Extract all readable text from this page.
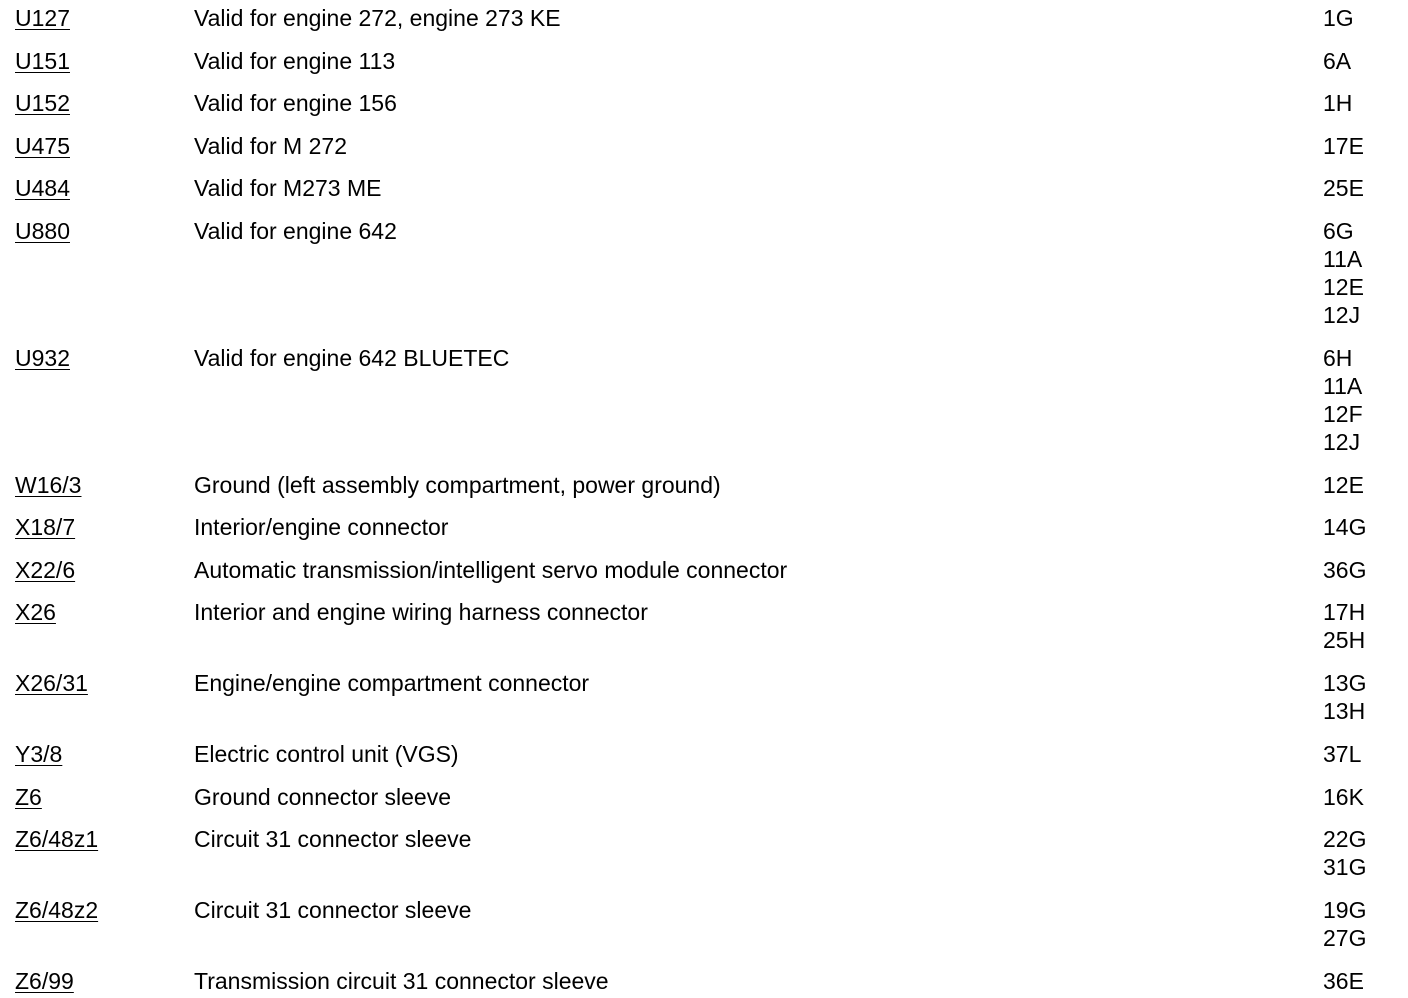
U127	Valid for engine 272, engine 273 KE	1G
U151	Valid for engine 113	6A
U152	Valid for engine 156	1H
U475	Valid for M 272	17E
U484	Valid for M273 ME	25E
U880	Valid for engine 642	6G
11A
12E
12J
U932	Valid for engine 642 BLUETEC	6H
11A
12F
12J
W16/3	Ground (left assembly compartment, power ground)	12E
X18/7	Interior/engine connector	14G
X22/6	Automatic transmission/intelligent servo module connector	36G
X26	Interior and engine wiring harness connector	17H
25H
X26/31	Engine/engine compartment connector	13G
13H
Y3/8	Electric control unit (VGS)	37L
Z6	Ground connector sleeve	16K
Z6/48z1	Circuit 31 connector sleeve	22G
31G
Z6/48z2	Circuit 31 connector sleeve	19G
27G
Z6/99	Transmission circuit 31 connector sleeve	36E
